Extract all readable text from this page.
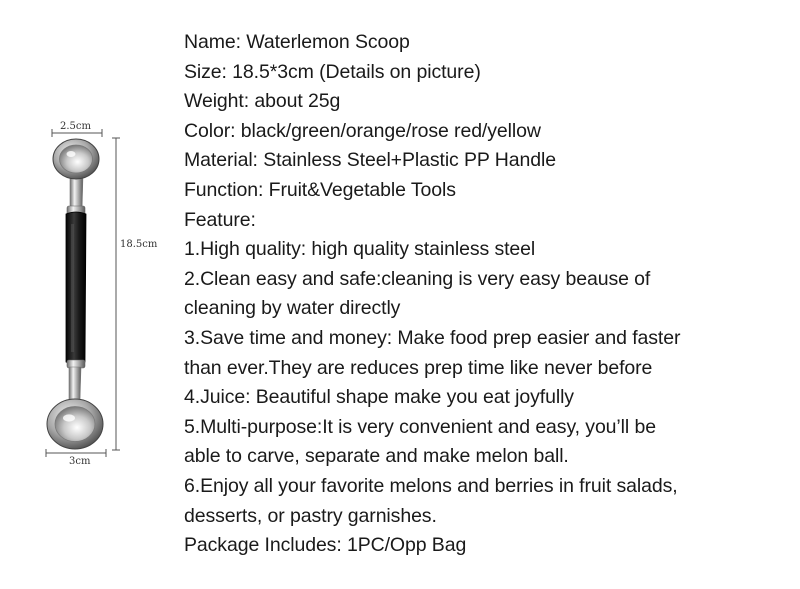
2.5cm
18.5cm
3cm
Name: Waterlemon Scoop
Size: 18.5*3cm (Details on picture)
Weight: about 25g
Color: black/green/orange/rose red/yellow
Material: Stainless Steel+Plastic PP Handle
Function: Fruit&Vegetable Tools
Feature:
1.High quality: high quality stainless steel
2.Clean easy and safe:cleaning is very easy beause of
cleaning by water directly
3.Save time and money: Make food prep easier and faster
than ever.They are reduces prep time like never before
4.Juice: Beautiful shape make you eat joyfully
5.Multi-purpose:It is very convenient and easy, you’ll be
able to carve, separate and make melon ball.
6.Enjoy all your favorite melons and berries in fruit salads,
desserts, or pastry garnishes.
Package Includes: 1PC/Opp Bag
